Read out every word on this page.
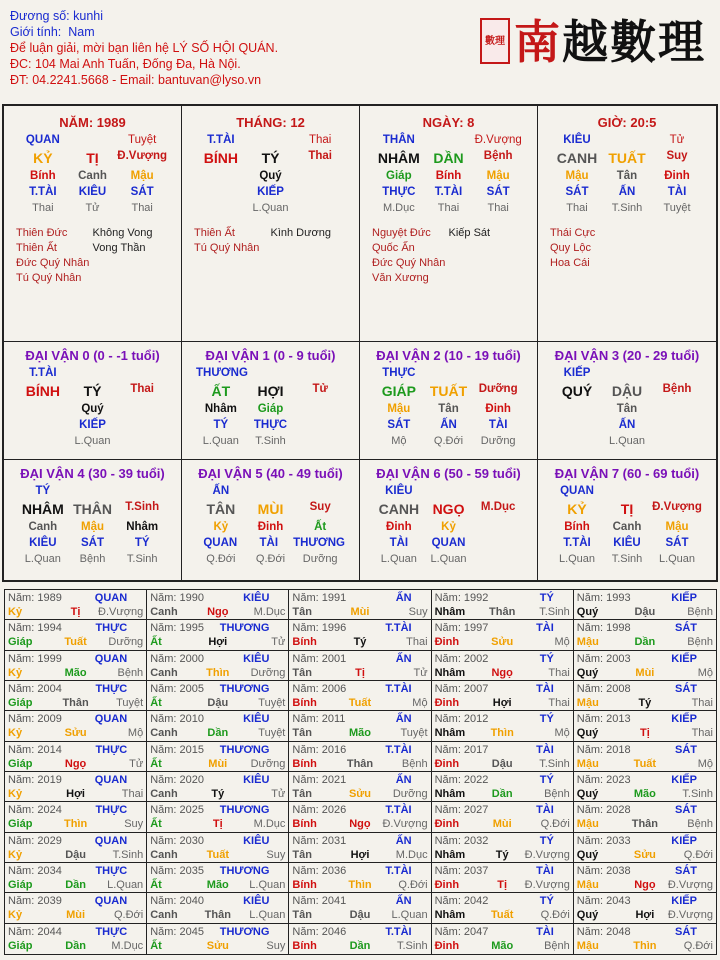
Đương số: kunhi
Giới tính: Nam
Để luận giải, mời bạn liên hệ LÝ SỐ HỘI QUÁN.
ĐC: 104 Mai Anh Tuấn, Đống Đa, Hà Nội.
ĐT: 04.2241.5668 - Email: bantuvan@lyso.vn
數理 南越數理
NĂM: 1989
QUAN	Tuyệt
KỶ	TỊ	Đ.Vượng
Bính	Canh	Mậu
T.TÀI	KIÊU	SÁT
Thai	Tử	Thai
Thiên Đức	Không Vong
Thiên Ất	Vong Thần
Đức Quý Nhân
Tú Quý Nhân
THÁNG: 12
T.TÀI	Thai
BÍNH	TÝ	Thai
Quý
KIẾP
L.Quan
Thiên Ất	Kình Dương
Tú Quý Nhân
NGÀY: 8
THÂN	Đ.Vượng
NHÂM DẦN	Bệnh
Giáp	Bính	Mậu
THỰC	T.TÀI	SÁT
M.Dục	Thai	Thai
Nguyệt Đức	Kiếp Sát
Quốc Ấn
Đức Quý Nhân
Văn Xương
GIỜ: 20:5
KIÊU	Tử
CANH TUẤT	Suy
Mậu	Tân	Đinh
SÁT	ẤN	TÀI
Thai	T.Sinh	Tuyệt
Thái Cực
Quy Lộc
Hoa Cái
ĐẠI VẬN 0 (0 - -1 tuổi)
T.TÀI
BÍNH	TÝ	Thai
Quý
KIẾP
L.Quan
ĐẠI VẬN 1 (0 - 9 tuổi)
THƯƠNG
ẤT	HỢI	Tử
Nhâm	Giáp
TÝ	THỰC
L.Quan	T.Sinh
ĐẠI VẬN 2 (10 - 19 tuổi)
THỰC
GIÁP TUẤT	Dưỡng
Mậu	Tân	Đinh
SÁT	ẤN	TÀI
Mộ	Q.Đới	Dưỡng
ĐẠI VẬN 3 (20 - 29 tuổi)
KIẾP
QUÝ	DẬU	Bệnh
Tân
ẤN
L.Quan
ĐẠI VẬN 4 (30 - 39 tuổi)
TÝ
NHÂM THÂN	T.Sinh
Canh	Mậu	Nhâm
KIÊU	SÁT	TÝ
L.Quan	Bệnh	T.Sinh
ĐẠI VẬN 5 (40 - 49 tuổi)
ẤN
TÂN	MÙI	Suy
Kỷ	Đinh	Ất
QUAN	TÀI	THƯƠNG
Q.Đới	Q.Đới	Dưỡng
ĐẠI VẬN 6 (50 - 59 tuổi)
KIÊU
CANH NGỌ	M.Dục
Đinh	Kỷ
TÀI	QUAN
L.Quan	L.Quan
ĐẠI VẬN 7 (60 - 69 tuổi)
QUAN
KỶ	TỊ	Đ.Vượng
Bính	Canh	Mậu
T.TÀI	KIÊU	SÁT
L.Quan	T.Sinh	L.Quan
Năm: 1989	QUAN
Kỷ	Tị	Đ.Vượng
Năm: 1990	KIÊU
Canh	Ngọ	M.Dục
Năm: 1991	ẤN
Tân	Mùi	Suy
Năm: 1992	TÝ
Nhâm	Thân	T.Sinh
Năm: 1993	KIẾP
Quý	Dậu	Bệnh
Năm: 1994	THỰC
Giáp	Tuất	Dưỡng
Năm: 1995 THƯƠNG
Ất	Hợi	Tử
Năm: 1996	T.TÀI
Bính	Tý	Thai
Năm: 1997	TÀI
Đinh	Sửu	Mộ
Năm: 1998	SÁT
Mậu	Dần	Bệnh
Năm: 1999	QUAN
Kỷ	Mão	Bệnh
Năm: 2000	KIÊU
Canh	Thìn	Dưỡng
Năm: 2001	ẤN
Tân	Tị	Tử
Năm: 2002	TÝ
Nhâm	Ngọ	Thai
Năm: 2003	KIẾP
Quý	Mùi	Mộ
Năm: 2004	THỰC
Giáp	Thân	Tuyệt
Năm: 2005 THƯƠNG
Ất	Dậu	Tuyệt
Năm: 2006	T.TÀI
Bính	Tuất	Mộ
Năm: 2007	TÀI
Đinh	Hợi	Thai
Năm: 2008	SÁT
Mậu	Tý	Thai
Năm: 2009	QUAN
Kỷ	Sửu	Mộ
Năm: 2010	KIÊU
Canh	Dần	Tuyệt
Năm: 2011	ẤN
Tân	Mão	Tuyệt
Năm: 2012	TÝ
Nhâm	Thìn	Mộ
Năm: 2013	KIẾP
Quý	Tị	Thai
Năm: 2014	THỰC
Giáp	Ngọ	Tử
Năm: 2015 THƯƠNG
Ất	Mùi	Dưỡng
Năm: 2016	T.TÀI
Bính	Thân	Bệnh
Năm: 2017	TÀI
Đinh	Dậu	T.Sinh
Năm: 2018	SÁT
Mậu	Tuất	Mộ
Năm: 2019	QUAN
Kỷ	Hợi	Thai
Năm: 2020	KIÊU
Canh	Tý	Tử
Năm: 2021	ẤN
Tân	Sửu	Dưỡng
Năm: 2022	TÝ
Nhâm	Dần	Bệnh
Năm: 2023	KIẾP
Quý	Mão	T.Sinh
Năm: 2024	THỰC
Giáp	Thìn	Suy
Năm: 2025 THƯƠNG
Ất	Tị	M.Dục
Năm: 2026	T.TÀI
Bính	Ngọ	Đ.Vượng
Năm: 2027	TÀI
Đinh	Mùi	Q.Đới
Năm: 2028	SÁT
Mậu	Thân	Bệnh
Năm: 2029	QUAN
Kỷ	Dậu	T.Sinh
Năm: 2030	KIÊU
Canh	Tuất	Suy
Năm: 2031	ẤN
Tân	Hợi	M.Dục
Năm: 2032	TÝ
Nhâm	Tý	Đ.Vượng
Năm: 2033	KIẾP
Quý	Sửu	Q.Đới
Năm: 2034	THỰC
Giáp	Dần	L.Quan
Năm: 2035 THƯƠNG
Ất	Mão	L.Quan
Năm: 2036	T.TÀI
Bính	Thìn	Q.Đới
Năm: 2037	TÀI
Đinh	Tị	Đ.Vượng
Năm: 2038	SÁT
Mậu	Ngọ	Đ.Vượng
Năm: 2039	QUAN
Kỷ	Mùi	Q.Đới
Năm: 2040	KIÊU
Canh	Thân	L.Quan
Năm: 2041	ẤN
Tân	Dậu	L.Quan
Năm: 2042	TÝ
Nhâm	Tuất	Q.Đới
Năm: 2043	KIẾP
Quý	Hợi	Đ.Vượng
Năm: 2044	THỰC
Giáp	Dần	M.Dục
Năm: 2045 THƯƠNG
Ất	Sửu	Suy
Năm: 2046	T.TÀI
Bính	Dần	T.Sinh
Năm: 2047	TÀI
Đinh	Mão	Bệnh
Năm: 2048	SÁT
Mậu	Thìn	Q.Đới
